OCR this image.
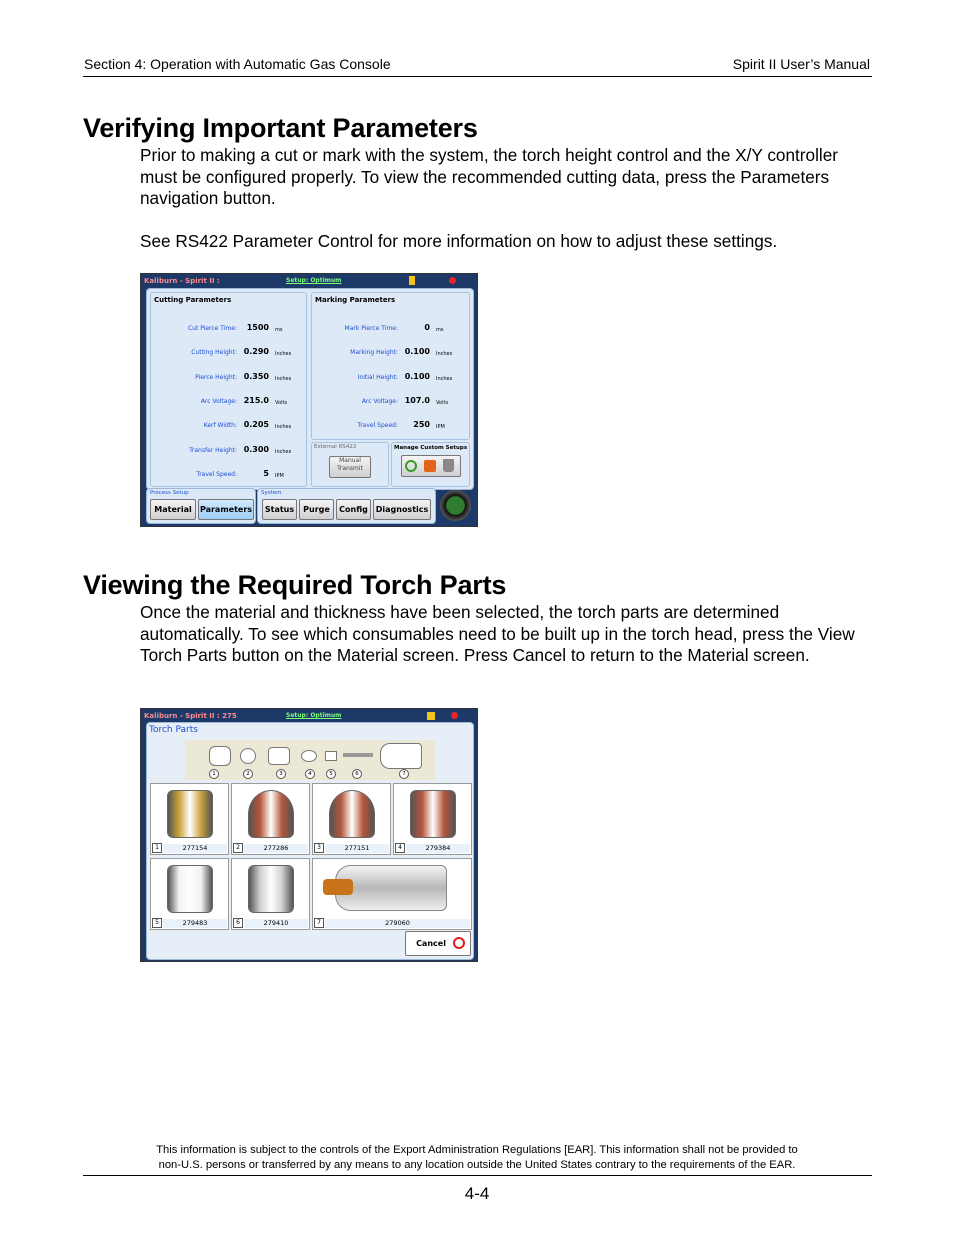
Section 4: Operation with Automatic Gas Console	Spirit II User’s Manual
Verifying Important Parameters
Prior to making a cut or mark with the system, the torch height control and the X/Y controller must be configured properly. To view the recommended cutting data, press the Parameters navigation button.
See RS422 Parameter Control for more information on how to adjust these settings.
Kaliburn - Spirit II :	Setup: Optimum
Cutting Parameters
Cut Pierce Time:	1500 ms
Cutting Height: 0.290 Inches
Pierce Height: 0.350 Inches
Arc Voltage: 215.0 Volts
Kerf Width: 0.205 Inches
Transfer Height: 0.300 Inches
Travel Speed:	5 IPM
Marking Parameters
Mark Pierce Time:	0 ms
Marking Height: 0.100 Inches
Initial Height: 0.100 Inches
Arc Voltage: 107.0 Volts
Travel Speed:	250 IPM
External RS422
Manual
Transmit
Manage Custom Setups
Process Setup
Material	Parameters
System
Status	Purge	Config Diagnostics
Viewing the Required Torch Parts
Once the material and thickness have been selected, the torch parts are determined automatically. To see which consumables need to be built up in the torch head, press the View Torch Parts button on the Material screen. Press Cancel to return to the Material screen.
Kaliburn - Spirit II : 275	Setup: Optimum
Torch Parts
1	2	3	4	5	6	7
1	277154	2	277286	3	277151	4	279384
5	279483	6	279410	7	279060
Cancel
This information is subject to the controls of the Export Administration Regulations [EAR]. This information shall not be provided to
non-U.S. persons or transferred by any means to any location outside the United States contrary to the requirements of the EAR.
4-4
